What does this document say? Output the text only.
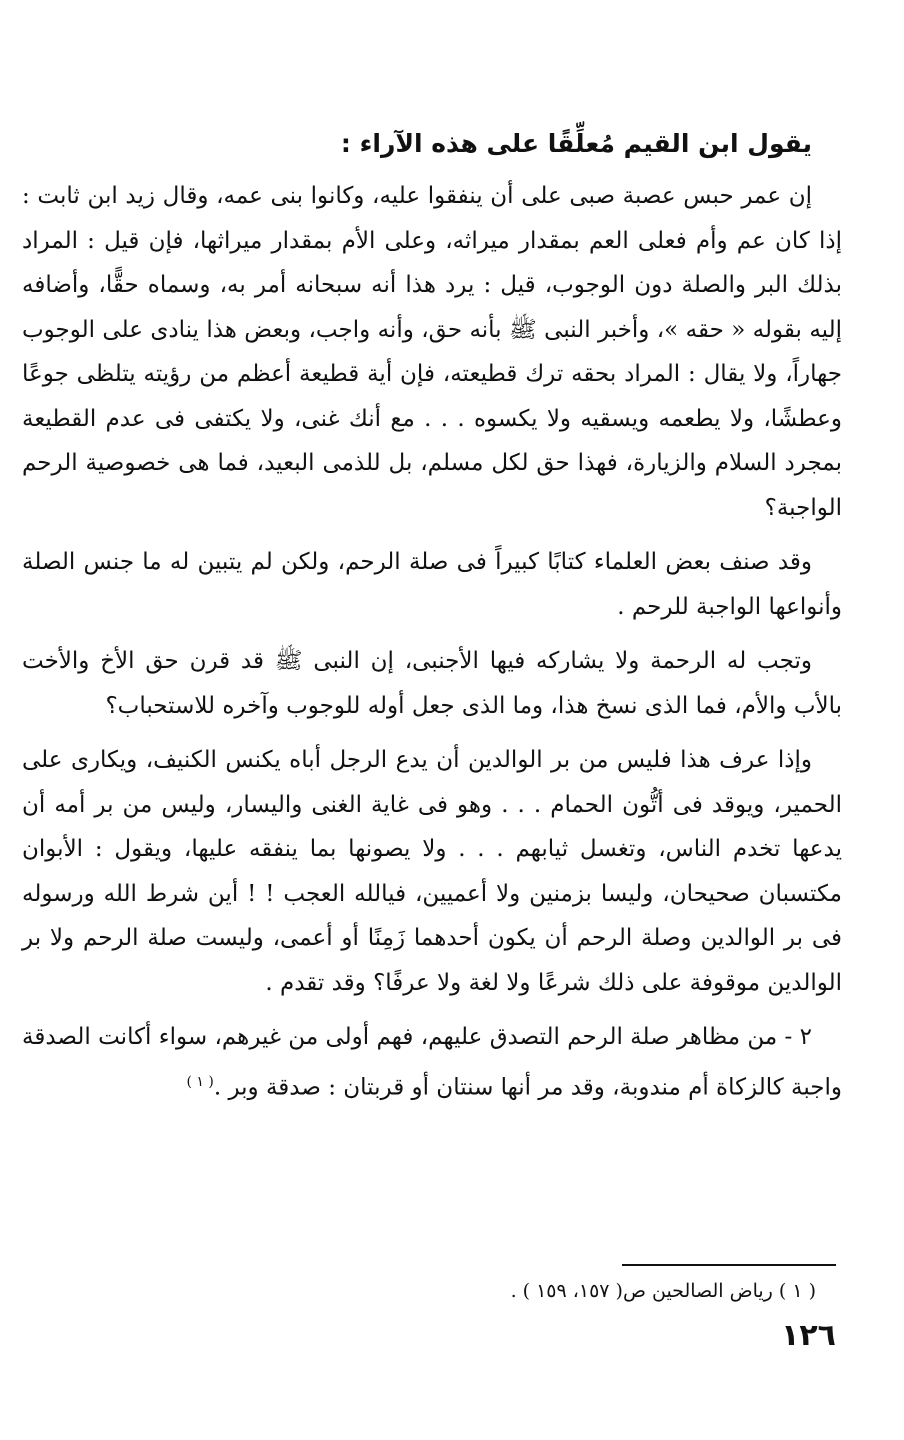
يقول ابن القيم مُعلِّقًا على هذه الآراء :

إن عمر حبس عصبة صبى على أن ينفقوا عليه، وكانوا بنى عمه، وقال زيد ابن ثابت : إذا كان عم وأم فعلى العم بمقدار ميراثه، وعلى الأم بمقدار ميراثها، فإن قيل : المراد بذلك البر والصلة دون الوجوب، قيل : يرد هذا أنه سبحانه أمر به، وسماه حقًّا، وأضافه إليه بقوله « حقه »، وأخبر النبى ﷺ بأنه حق، وأنه واجب، وبعض هذا ينادى على الوجوب جهاراً، ولا يقال : المراد بحقه ترك قطيعته، فإن أية قطيعة أعظم من رؤيته يتلظى جوعًا وعطشًا، ولا يطعمه ويسقيه ولا يكسوه . . . مع أنك غنى، ولا يكتفى فى عدم القطيعة بمجرد السلام والزيارة، فهذا حق لكل مسلم، بل للذمى البعيد، فما هى خصوصية الرحم الواجبة؟

وقد صنف بعض العلماء كتابًا كبيراً فى صلة الرحم، ولكن لم يتبين له ما جنس الصلة وأنواعها الواجبة للرحم .

وتجب له الرحمة ولا يشاركه فيها الأجنبى، إن النبى ﷺ قد قرن حق الأخ والأخت بالأب والأم، فما الذى نسخ هذا، وما الذى جعل أوله للوجوب وآخره للاستحباب؟

وإذا عرف هذا فليس من بر الوالدين أن يدع الرجل أباه يكنس الكنيف، ويكارى على الحمير، ويوقد فى أتُّون الحمام . . . وهو فى غاية الغنى واليسار، وليس من بر أمه أن يدعها تخدم الناس، وتغسل ثيابهم . . . ولا يصونها بما ينفقه عليها، ويقول : الأبوان مكتسبان صحيحان، وليسا بزمنين ولا أعميين، فيالله العجب ! ! أين شرط الله ورسوله فى بر الوالدين وصلة الرحم أن يكون أحدهما زَمِنًا أو أعمى، وليست صلة الرحم ولا بر الوالدين موقوفة على ذلك شرعًا ولا لغة ولا عرفًا؟ وقد تقدم .

٢ - من مظاهر صلة الرحم التصدق عليهم، فهم أولى من غيرهم، سواء أكانت الصدقة واجبة كالزكاة أم مندوبة، وقد مر أنها سنتان أو قربتان : صدقة وبر .$^{( ١ )}$

( ١ ) رياض الصالحين ص( ١٥٧، ١٥٩ ) .
١٢٦
